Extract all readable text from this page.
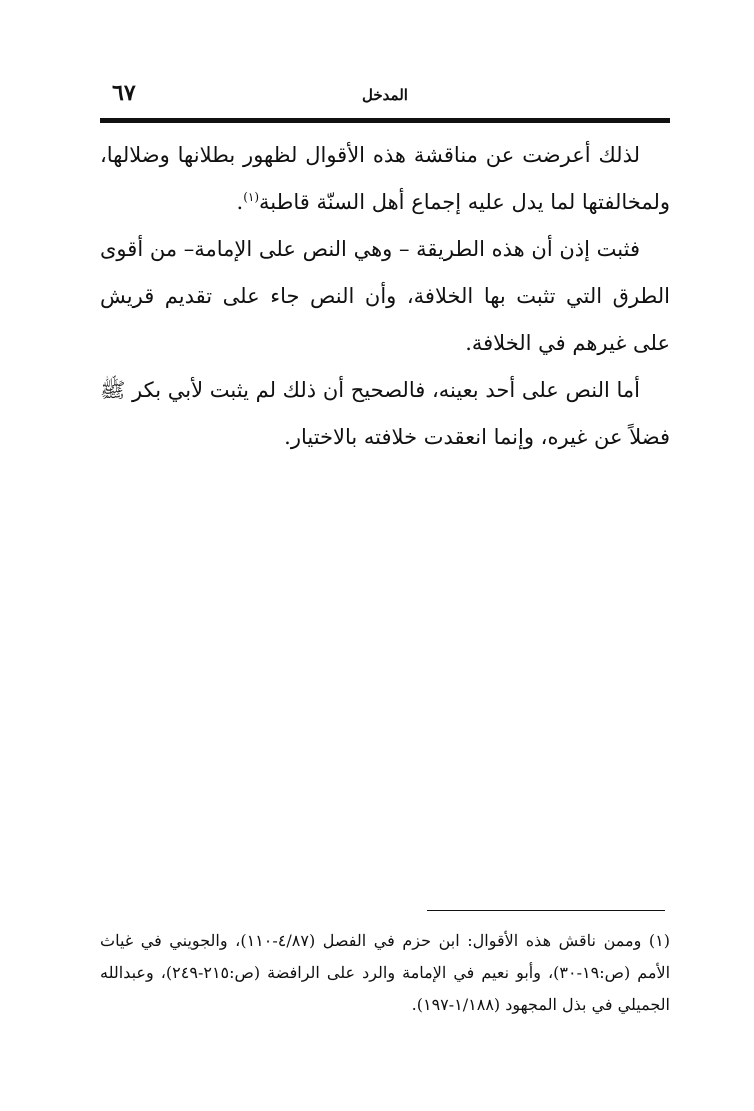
٦٧	المدخل

لذلك أعرضت عن مناقشة هذه الأقوال لظهور بطلانها وضلالها، ولمخالفتها لما يدل عليه إجماع أهل السنّة قاطبة$^{(١)}$.

فثبت إذن أن هذه الطريقة – وهي النص على الإمامة– من أقوى الطرق التي تثبت بها الخلافة، وأن النص جاء على تقديم قريش على غيرهم في الخلافة.

أما النص على أحد بعينه، فالصحيح أن ذلك لم يثبت لأبي بكر ﷺ فضلاً عن غيره، وإنما انعقدت خلافته بالاختيار.

(١) وممن ناقش هذه الأقوال: ابن حزم في الفصل (٤/٨٧-١١٠)، والجويني في غياث الأمم (ص:١٩-٣٠)، وأبو نعيم في الإمامة والرد على الرافضة (ص:٢١٥-٢٤٩)، وعبدالله الجميلي في بذل المجهود (١/١٨٨-١٩٧).
